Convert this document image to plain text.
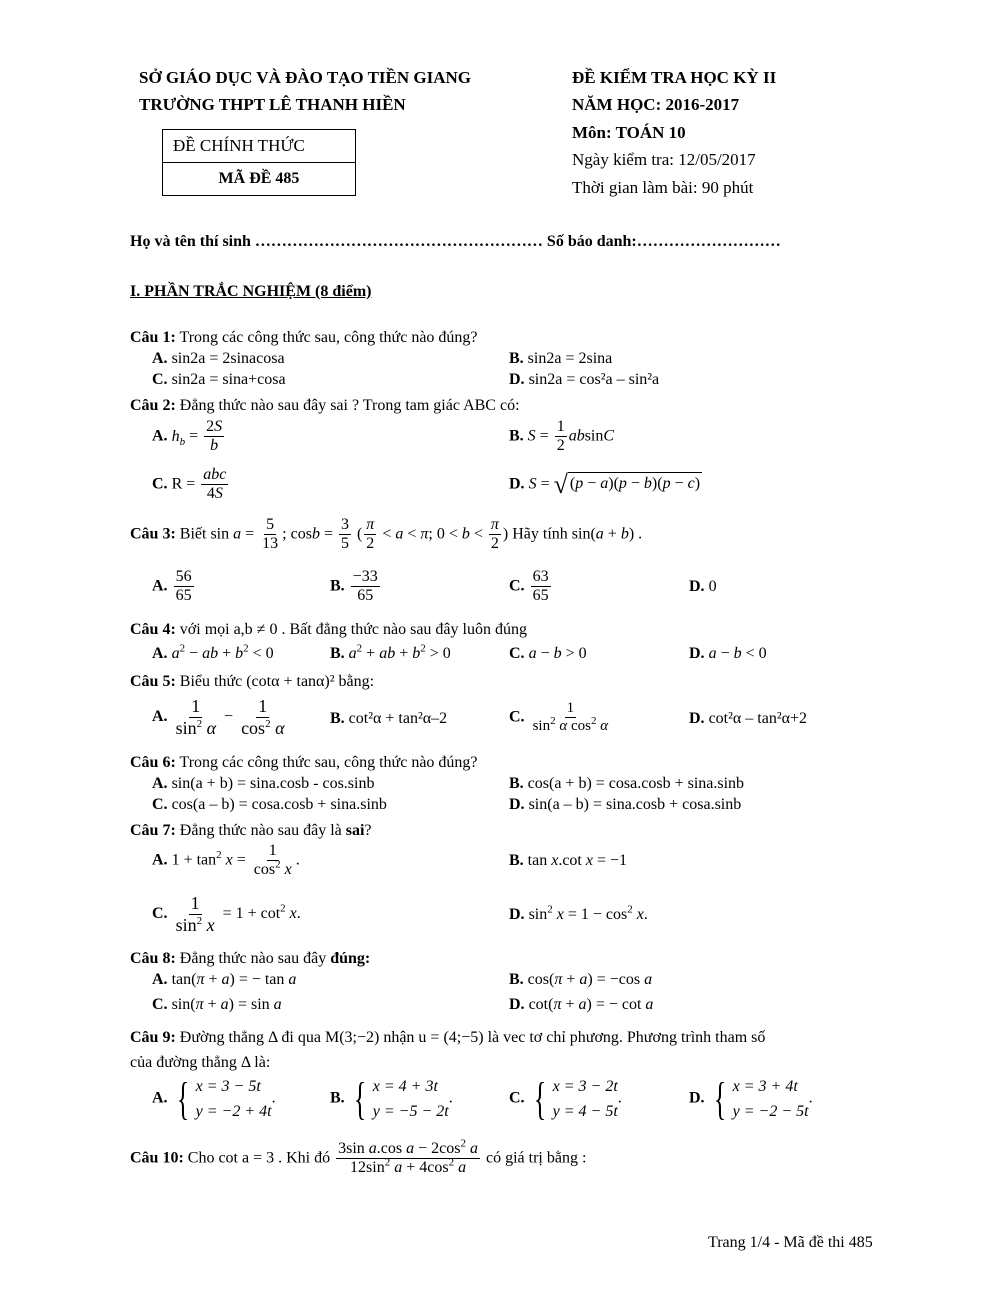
SỞ GIÁO DỤC VÀ ĐÀO TẠO TIỀN GIANG
TRƯỜNG THPT LÊ THANH HIỀN
ĐỀ CHÍNH THỨC
MÃ ĐỀ 485
ĐỀ KIỂM TRA HỌC KỲ II
NĂM HỌC: 2016-2017
Môn: TOÁN 10
Ngày kiểm tra: 12/05/2017
Thời gian làm bài: 90 phút
Họ và tên thí sinh ……………………………………………… Số báo danh:………………………
I. PHẦN TRẮC NGHIỆM (8 điểm)
Câu 1: Trong các công thức sau, công thức nào đúng?
A. sin2a = 2sinacosa	B. sin2a = 2sina
C. sin2a = sina+cosa	D. sin2a = cos²a – sin²a
Câu 2: Đẳng thức nào sau đây sai ? Trong tam giác ABC có:
A. $h_b = \frac{2S}{b}$	B. $S = \frac{1}{2}$ absinC
C. $R = \frac{\text{abc}}{4S}$	D. S = √ (p − a)(p − b)(p − c)
Câu 3: Biết $\sin a = \frac{5}{13}$ ; $\cos b = \frac{3}{5}$ ( $\frac{\pi}{2} < a < \pi$; $0 < b < \frac{\pi}{2}$ ) Hãy tính sin(a + b) .
A. $\frac{56}{65}$	B. $\frac{-33}{65}$	C. $\frac{63}{65}$	D. 0
Câu 4: với mọi a,b ≠ 0 . Bất đẳng thức nào sau đây luôn đúng
A. $a^2$ − ab + $b^2 < 0$	B. $a^2$ + ab + $b^2 > 0$	C. a − b > 0	D. a − b < 0
Câu 5: Biểu thức (cotα + tanα)² bằng:
A. $\frac{1}{\sin^2 \alpha} - \frac{1}{\cos^2 \alpha}$	B. cot²α + tan²α–2	C. $\frac{1}{\sin^2 \alpha \cos^2 \alpha}$	D. cot²α – tan²α+2
Câu 6: Trong các công thức sau, công thức nào đúng?
A. sin(a + b) = sina.cosb - cos.sinb	B. cos(a + b) = cosa.cosb + sina.sinb
C. cos(a – b) = cosa.cosb + sina.sinb	D. sin(a – b) = sina.cosb + cosa.sinb
Câu 7: Đẳng thức nào sau đây là sai?
A. $1 + \tan^2 x = \frac{1}{\cos^2 x}$ .	B. tan x.cot x = −1
C. $\frac{1}{\sin^2 x} = 1 + \cot^2 x$.	D. $\sin^2 x = 1 - \cos^2 x$.
Câu 8: Đẳng thức nào sau đây đúng:
A. tan(π + a) = − tan a	B. cos(π + a) = −cos a
C. sin(π + a) = sin a	D. cot(π + a) = − cot a
Câu 9: Đường thẳng Δ đi qua M(3;−2) nhận u = (4;−5) là vec tơ chỉ phương. Phương trình tham số
của đường thẳng Δ là:
A. { x = 3 − 5t
y = −2 + 4t
.	B. { x = 4 + 3t
y = −5 − 2t
.	C. { x = 3 − 2t
y = 4 − 5t
.	D. { x = 3 + 4t
y = −2 − 5t
.
Câu 10: Cho cot a = 3 . Khi đó $\frac{3\sin a.\cos a - 2\cos^2 a}{12\sin^2 a + 4\cos^2 a}$ có giá trị bằng :
Trang 1/4 - Mã đề thi 485
